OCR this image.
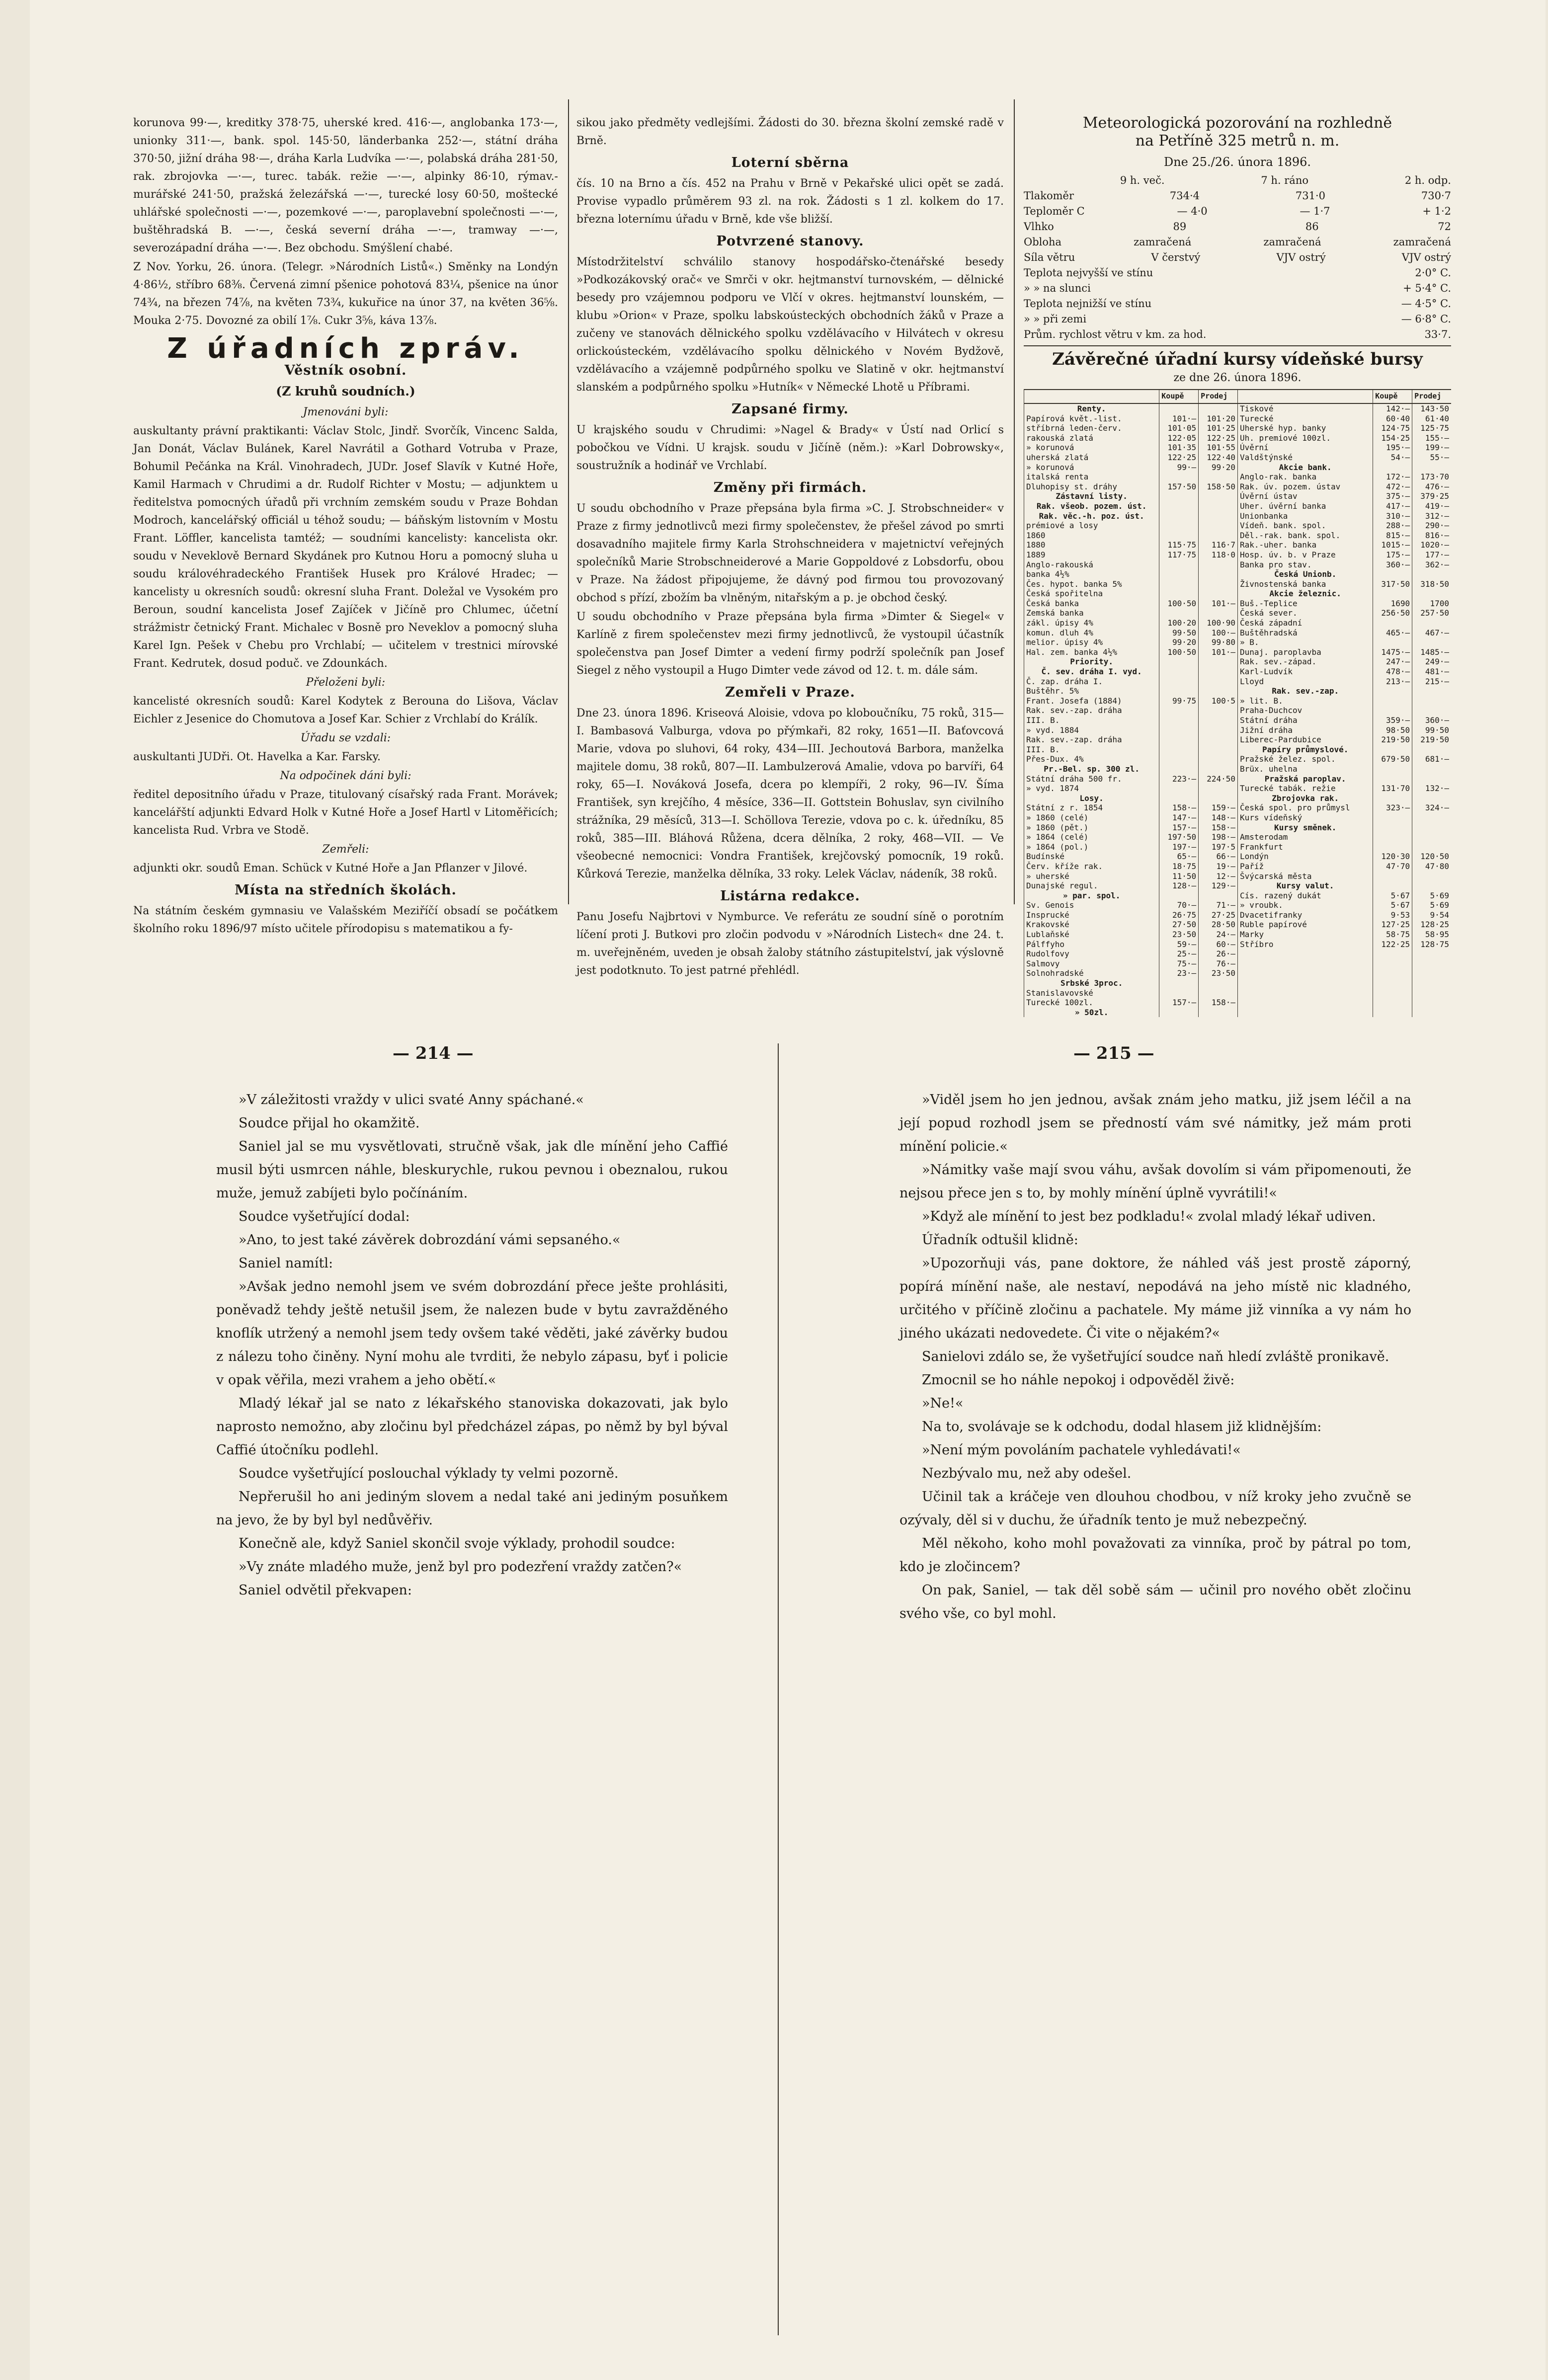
korunova 99·—, kreditky 378·75, uherské kred. 416·—, anglobanka 173·—, unionky 311·—, bank. spol. 145·50, länderbanka 252·—, státní dráha 370·50, jižní dráha 98·—, dráha Karla Ludvíka —·—, polabská dráha 281·50, rak. zbrojovka —·—, turec. tabák. režie —·—, alpinky 86·10, rýmav.-murářské 241·50, pražská železářská —·—, turecké losy 60·50, moštecké uhlářské společnosti —·—, pozemkové —·—, paroplavební společnosti —·—, buštěhradská B. —·—, česká severní dráha —·—, tramway —·—, severozápadní dráha —·—. Bez obchodu. Smýšlení chabé.

Z Nov. Yorku, 26. února. (Telegr. »Národních Listů«.) Směnky na Londýn 4·86½, stříbro 68⅜. Červená zimní pšenice pohotová 83¼, pšenice na únor 74¾, na březen 74⅞, na květen 73¾, kukuřice na únor 37, na květen 36⅝. Mouka 2·75. Dovozné za obilí 1⅞. Cukr 3⅝, káva 13⅞.

Z úřadních zpráv.
Věstník osobní.
(Z kruhů soudních.)

Jmenováni byli:

auskultanty právní praktikanti: Václav Stolc, Jindř. Svorčík, Vincenc Salda, Jan Donát, Václav Bulánek, Karel Navrátil a Gothard Votruba v Praze, Bohumil Pečánka na Král. Vinohradech, JUDr. Josef Slavík v Kutné Hoře, Kamil Harmach v Chrudimi a dr. Rudolf Richter v Mostu; — adjunktem u ředitelstva pomocných úřadů při vrchním zemském soudu v Praze Bohdan Modroch, kancelářský officiál u téhož soudu; — báňským listovním v Mostu Frant. Löffler, kancelista tamtéž; — soudními kancelisty: kancelista okr. soudu v Neveklově Bernard Skydánek pro Kutnou Horu a pomocný sluha u soudu královéhradeckého František Husek pro Králové Hradec; — kancelisty u okresních soudů: okresní sluha Frant. Doležal ve Vysokém pro Beroun, soudní kancelista Josef Zajíček v Jičíně pro Chlumec, účetní strážmistr četnický Frant. Michalec v Bosně pro Neveklov a pomocný sluha Karel Ign. Pešek v Chebu pro Vrchlabí; — učitelem v trestnici mírovské Frant. Kedrutek, dosud poduč. ve Zdounkách.

Přeloženi byli:

kancelisté okresních soudů: Karel Kodytek z Berouna do Lišova, Václav Eichler z Jesenice do Chomutova a Josef Kar. Schier z Vrchlabí do Králík.

Úřadu se vzdali:

auskultanti JUDři. Ot. Havelka a Kar. Farsky.

Na odpočinek dáni byli:

ředitel depositního úřadu v Praze, titulovaný císařský rada Frant. Morávek; kancelářští adjunkti Edvard Holk v Kutné Hoře a Josef Hartl v Litoměřicích; kancelista Rud. Vrbra ve Stodě.

Zemřeli:

adjunkti okr. soudů Eman. Schück v Kutné Hoře a Jan Pflanzer v Jilové.

Místa na středních školách.

Na státním českém gymnasiu ve Valašském Meziříčí obsadí se počátkem školního roku 1896/97 místo učitele přírodopisu s matematikou a fy-

sikou jako předměty vedlejšími. Žádosti do 30. března školní zemské radě v Brně.

Loterní sběrna

čís. 10 na Brno a čís. 452 na Prahu v Brně v Pekařské ulici opět se zadá. Provise vypadlo průměrem 93 zl. na rok. Žádosti s 1 zl. kolkem do 17. března loternímu úřadu v Brně, kde vše bližší.

Potvrzené stanovy.

Místodržitelství schválilo stanovy hospodářsko-čtenářské besedy »Podkozákovský orač« ve Smrči v okr. hejtmanství turnovském, — dělnické besedy pro vzájemnou podporu ve Vlčí v okres. hejtmanství lounském, — klubu »Orion« v Praze, spolku labskoústeckých obchodních žáků v Praze a zučeny ve stanovách dělnického spolku vzdělávacího v Hilvátech v okresu orlickoústeckém, vzdělávacího spolku dělnického v Novém Bydžově, vzdělávacího a vzájemně podpůrného spolku ve Slatině v okr. hejtmanství slanském a podpůrného spolku »Hutník« v Německé Lhotě u Příbrami.

Zapsané firmy.

U krajského soudu v Chrudimi: »Nagel & Brady« v Ústí nad Orlicí s pobočkou ve Vídni. U krajsk. soudu v Jičíně (něm.): »Karl Dobrowsky«, soustružník a hodinář ve Vrchlabí.

Změny při firmách.

U soudu obchodního v Praze přepsána byla firma »C. J. Strobschneider« v Praze z firmy jednotlivců mezi firmy společenstev, že přešel závod po smrti dosavadního majitele firmy Karla Strohschneidera v majetnictví veřejných společníků Marie Strobschneiderové a Marie Goppoldové z Lobsdorfu, obou v Praze. Na žádost připojujeme, že dávný pod firmou tou provozovaný obchod s přízí, zbožím ba vlněným, nitařským a p. je obchod český.

U soudu obchodního v Praze přepsána byla firma »Dimter & Siegel« v Karlíně z firem společenstev mezi firmy jednotlivců, že vystoupil účastník společenstva pan Josef Dimter a vedení firmy podrží společník pan Josef Siegel z něho vystoupil a Hugo Dimter vede závod od 12. t. m. dále sám.

Zemřeli v Praze.

Dne 23. února 1896. Kriseová Aloisie, vdova po kloboučníku, 75 roků, 315—I. Bambasová Valburga, vdova po přýmkaři, 82 roky, 1651—II. Baťovcová Marie, vdova po sluhovi, 64 roky, 434—III. Jechoutová Barbora, manželka majitele domu, 38 roků, 807—II. Lambulzerová Amalie, vdova po barvíři, 64 roky, 65—I. Nováková Josefa, dcera po klempíři, 2 roky, 96—IV. Šíma František, syn krejčího, 4 měsíce, 336—II. Gottstein Bohuslav, syn civilního strážníka, 29 měsíců, 313—I. Schöllova Terezie, vdova po c. k. úředníku, 85 roků, 385—III. Bláhová Růžena, dcera dělníka, 2 roky, 468—VII. — Ve všeobecné nemocnici: Vondra František, krejčovský pomocník, 19 roků. Kůrková Terezie, manželka dělníka, 33 roky. Lelek Václav, nádeník, 38 roků.

Listárna redakce.

Panu Josefu Najbrtovi v Nymburce. Ve referátu ze soudní síně o porotním líčení proti J. Butkovi pro zločin podvodu v »Národních Listech« dne 24. t. m. uveřejněném, uveden je obsah žaloby státního zástupitelství, jak výslovně jest podotknuto. To jest patrné přehlédl.

Meteorologická pozorování na rozhledně
na Petříně 325 metrů n. m.
Dne 25./26. února 1896.
9 h. več.	7 h. ráno	2 h. odp.
Tlakoměr	734·4	731·0	730·7
Teploměr C	— 4·0	— 1·7	+ 1·2
Vlhko	89	86	72
Obloha	zamračená	zamračená	zamračená
Síla větru	V čerstvý	VJV ostrý	VJV ostrý
Teplota nejvyšší ve stínu	2·0° C.
» » na slunci	+ 5·4° C.
Teplota nejnižší ve stínu	— 4·5° C.
» » při zemi	— 6·8° C.
Prům. rychlost větru v km. za hod.	33·7.
Závěrečné úřadní kursy vídeňské bursy
ze dne 26. února 1896.
	Koupě	Prodej		Koupě	Prodej
Renty.			Tiskové	142·—	143·50
Papírová květ.-list.	101·—	101·20	Turecké	60·40	61·40
stříbrná leden-červ.	101·05	101·25	Uherské hyp. banky	124·75	125·75
rakouská zlatá	122·05	122·25	Uh. premiové 100zl.	154·25	155·—
» korunová	101·35	101·55	Úvěrní	195·—	199·—
uherská zlatá	122·25	122·40	Valdštýnské	54·—	55·—
» korunová	99·—	99·20	Akcie bank.		
italská renta			Anglo-rak. banka	172·—	173·70
Dluhopisy st. dráhy	157·50	158·50	Rak. úv. pozem. ústav	472·—	476·—
Zástavní listy.			Úvěrní ústav	375·—	379·25
Rak. všeob. pozem. úst.			Uher. úvěrní banka	417·—	419·—
Rak. věc.-h. poz. úst.			Unionbanka	310·—	312·—
prémiové a losy			Vídeň. bank. spol.	288·—	290·—
1860			Děl.-rak. bank. spol.	815·—	816·—
1880	115·75	116·7	Rak.-uher. banka	1015·—	1020·—
1889	117·75	118·0	Hosp. úv. b. v Praze	175·—	177·—
Anglo-rakouská			Banka pro stav.	360·—	362·—
banka 4½%			Česká Unionb.		
Čes. hypot. banka 5%			Živnostenská banka	317·50	318·50
Česká spořitelna			Akcie železnic.		
Česká banka	100·50	101·—	Buš.-Teplice	1690	1700
Zemská banka			Česká sever.	256·50	257·50
zákl. úpisy 4%	100·20	100·90	Česká západní		
komun. dluh 4%	99·50	100·—	Buštěhradská	465·—	467·—
melior. úpisy 4%	99·20	99·80	» B.		
Hal. zem. banka 4½%	100·50	101·—	Dunaj. paroplavba	1475·—	1485·—
Priority.			Rak. sev.-západ.	247·—	249·—
Č. sev. dráha I. vyd.			Karl-Ludvík	478·—	481·—
Č. zap. dráha I.			Lloyd	213·—	215·—
Buštěhr. 5%			Rak. sev.-zap.		
Frant. Josefa (1884)	99·75	100·5	» lit. B.		
Rak. sev.-zap. dráha			Praha-Duchcov		
III. B.			Státní dráha	359·—	360·—
» vyd. 1884			Jižní dráha	98·50	99·50
Rak. sev.-zap. dráha			Liberec-Pardubice	219·50	219·50
III. B.			Papíry průmyslové.		
Přes-Dux. 4%			Pražské želez. spol.	679·50	681·—
Pr.-Bel. sp. 300 zl.			Brüx. uhelna		
Státní dráha 500 fr.	223·—	224·50	Pražská paroplav.		
» vyd. 1874			Turecké tabák. režie	131·70	132·—
Losy.			Zbrojovka rak.		
Státní z r. 1854	158·—	159·—	Česká spol. pro průmysl	323·—	324·—
» 1860 (celé)	147·—	148·—	Kurs vídeňský		
» 1860 (pět.)	157·—	158·—	Kursy směnek.		
» 1864 (celé)	197·50	198·—	Amsterodam		
» 1864 (pol.)	197·—	197·5	Frankfurt		
Budínské	65·—	66·—	Londýn	120·30	120·50
Červ. kříže rak.	18·75	19·—	Paříž	47·70	47·80
» uherské	11·50	12·—	Švýcarská města		
Dunajské regul.	128·—	129·—	Kursy valut.		
» par. spol.			Cís. razený dukát	5·67	5·69
Sv. Genois	70·—	71·—	» vroubk.	5·67	5·69
Insprucké	26·75	27·25	Dvacetifranky	9·53	9·54
Krakovské	27·50	28·50	Ruble papírové	127·25	128·25
Lublaňské	23·50	24·—	Marky	58·75	58·95
Pálffyho	59·—	60·—	Stříbro	122·25	128·75
Rudolfovy	25·—	26·—			
Salmovy	75·—	76·—			
Solnohradské	23·—	23·50			
Srbské 3proc.					
Stanislavovské					
Turecké 100zl.	157·—	158·—			
» 50zl.					
— 214 —	— 215 —

»V záležitosti vraždy v ulici svaté Anny spáchané.«

Soudce přijal ho okamžitě.

Saniel jal se mu vysvětlovati, stručně však, jak dle mínění jeho Caffié musil býti usmrcen náhle, bleskurychle, rukou pevnou i obeznalou, rukou muže, jemuž zabíjeti bylo počínáním.

Soudce vyšetřující dodal:

»Ano, to jest také závěrek dobrozdání vámi sepsaného.«

Saniel namítl:

»Avšak jedno nemohl jsem ve svém dobrozdání přece ješte prohlásiti, poněvadž tehdy ještě netušil jsem, že nalezen bude v bytu zavražděného knoflík utržený a nemohl jsem tedy ovšem také věděti, jaké závěrky budou z nálezu toho činěny. Nyní mohu ale tvrditi, že nebylo zápasu, byť i policie v opak věřila, mezi vrahem a jeho obětí.«

Mladý lékař jal se nato z lékařského stanoviska dokazovati, jak bylo naprosto nemožno, aby zločinu byl předcházel zápas, po němž by byl býval Caffié útočníku podlehl.

Soudce vyšetřující poslouchal výklady ty velmi pozorně.

Nepřerušil ho ani jediným slovem a nedal také ani jediným posuňkem na jevo, že by byl byl nedůvěřiv.

Konečně ale, když Saniel skončil svoje výklady, prohodil soudce:

»Vy znáte mladého muže, jenž byl pro podezření vraždy zatčen?«

Saniel odvětil překvapen:

»Viděl jsem ho jen jednou, avšak znám jeho matku, již jsem léčil a na její popud rozhodl jsem se předností vám své námitky, jež mám proti mínění policie.«

»Námitky vaše mají svou váhu, avšak dovolím si vám připomenouti, že nejsou přece jen s to, by mohly mínění úplně vyvrátili!«

»Když ale mínění to jest bez podkladu!« zvolal mladý lékař udiven.

Úřadník odtušil klidně:

»Upozorňuji vás, pane doktore, že náhled váš jest prostě záporný, popírá mínění naše, ale nestaví, nepodává na jeho místě nic kladného, určitého v příčině zločinu a pachatele. My máme již vinníka a vy nám ho jiného ukázati nedovedete. Či vite o nějakém?«

Sanielovi zdálo se, že vyšetřující soudce naň hledí zvláště pronikavě.

Zmocnil se ho náhle nepokoj i odpověděl živě:

»Ne!«

Na to, svolávaje se k odchodu, dodal hlasem již klidnějším:

»Není mým povoláním pachatele vyhledávati!«

Nezbývalo mu, než aby odešel.

Učinil tak a kráčeje ven dlouhou chodbou, v níž kroky jeho zvučně se ozývaly, děl si v duchu, že úřadník tento je muž nebezpečný.

Měl někoho, koho mohl považovati za vinníka, proč by pátral po tom, kdo je zločincem?

On pak, Saniel, — tak děl sobě sám — učinil pro nového obět zločinu svého vše, co byl mohl.
